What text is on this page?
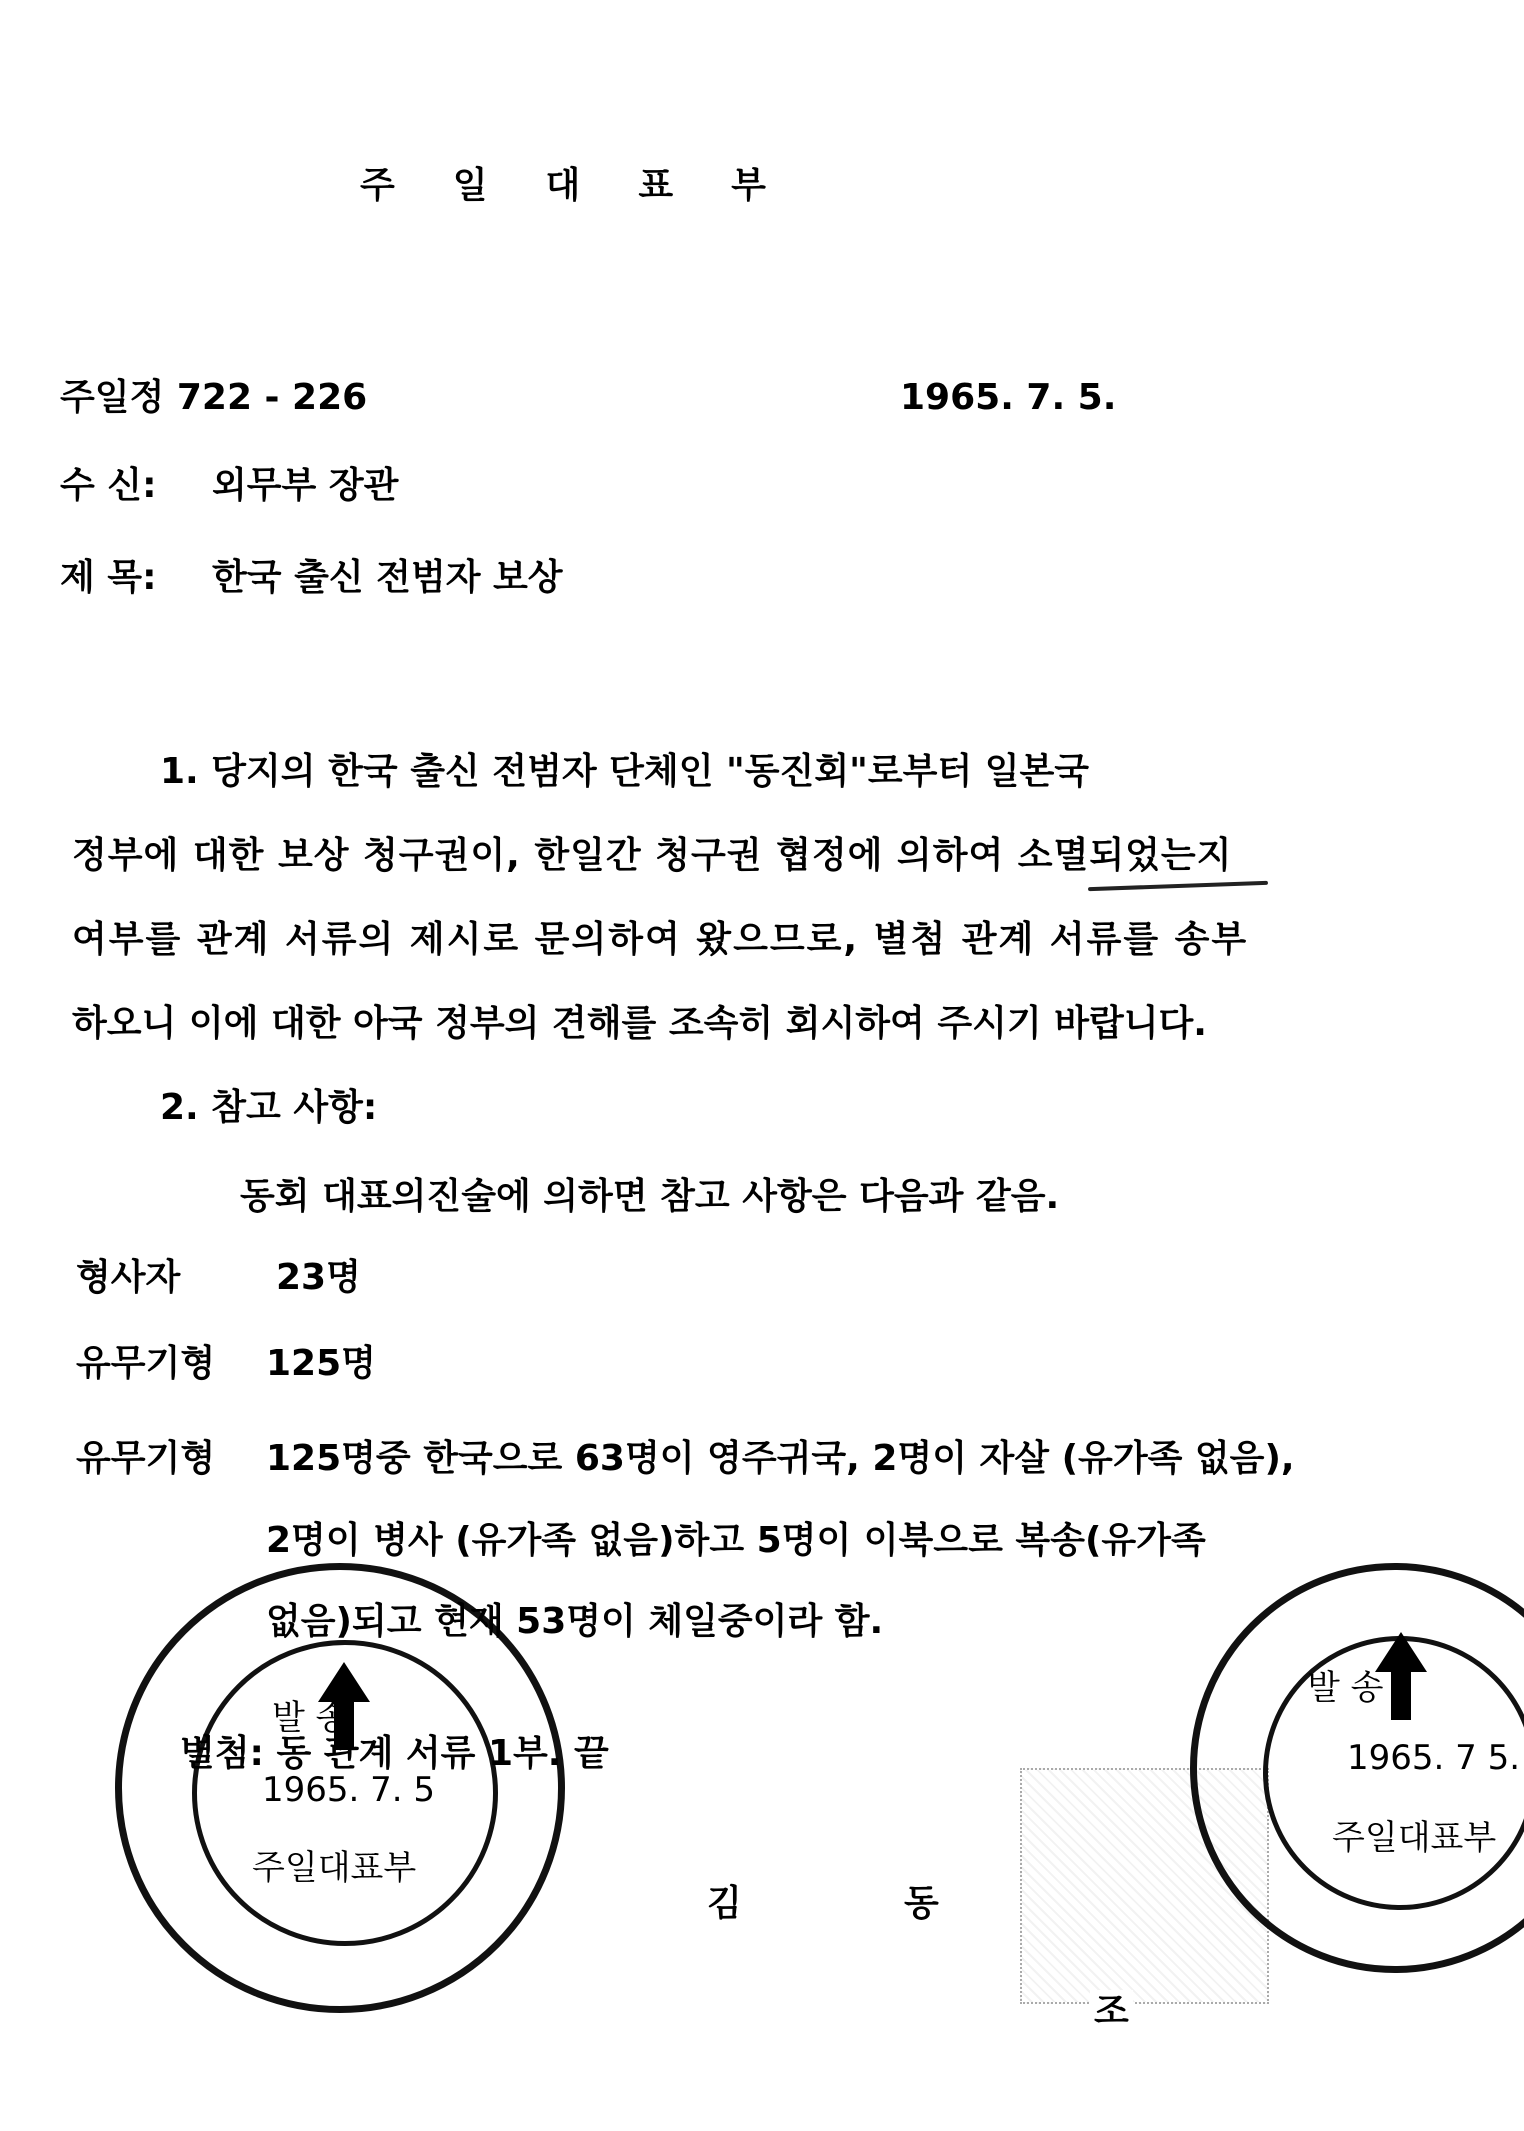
주일대표부
주일정 722 - 226	1965. 7. 5.
수 신: 외무부 장관
제 목: 한국 출신 전범자 보상
1. 당지의 한국 출신 전범자 단체인 "동진회"로부터 일본국
정부에 대한 보상 청구권이, 한일간 청구권 협정에 의하여 소멸되었는지
여부를 관계 서류의 제시로 문의하여 왔으므로, 별첨 관계 서류를 송부
하오니 이에 대한 아국 정부의 견해를 조속히 회시하여 주시기 바랍니다.
2. 참고 사항:
동회 대표의진술에 의하면 참고 사항은 다음과 같음.
형사자	23명
유무기형 125명
유무기형 125명중 한국으로 63명이 영주귀국, 2명이 자살 (유가족 없음),
2명이 병사 (유가족 없음)하고 5명이 이북으로 복송(유가족
없음)되고 현재 53명이 체일중이라 함.
별첨: 동 관계 서류 1부. 끝
발 송
1965. 7. 5
주일대표부
발 송
1965. 7 5.
주일대표부
김	동
조
